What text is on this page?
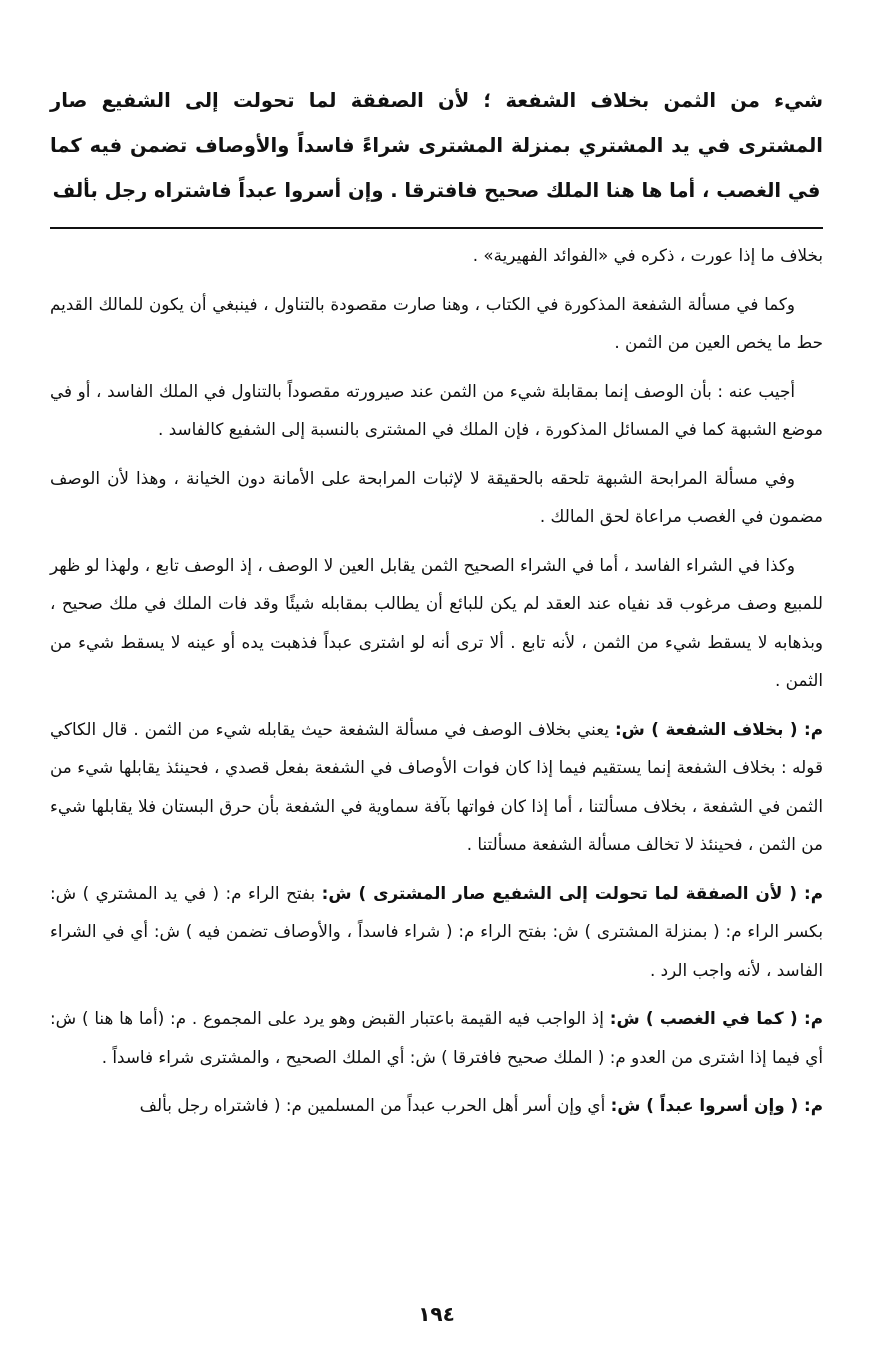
شيء من الثمن بخلاف الشفعة ؛ لأن الصفقة لما تحولت إلى الشفيع صار المشترى في يد المشتري بمنزلة المشترى شراءً فاسداً والأوصاف تضمن فيه كما في الغصب ، أما ها هنا الملك صحيح فافترقا . وإن أسروا عبداً فاشتراه رجل بألف

بخلاف ما إذا عورت ، ذكره في «الفوائد الفهيرية» .

وكما في مسألة الشفعة المذكورة في الكتاب ، وهنا صارت مقصودة بالتناول ، فينبغي أن يكون للمالك القديم حط ما يخص العين من الثمن .

أجيب عنه : بأن الوصف إنما بمقابلة شيء من الثمن عند صيرورته مقصوداً بالتناول في الملك الفاسد ، أو في موضع الشبهة كما في المسائل المذكورة ، فإن الملك في المشترى بالنسبة إلى الشفيع كالفاسد .

وفي مسألة المرابحة الشبهة تلحقه بالحقيقة لا لإثبات المرابحة على الأمانة دون الخيانة ، وهذا لأن الوصف مضمون في الغصب مراعاة لحق المالك .

وكذا في الشراء الفاسد ، أما في الشراء الصحيح الثمن يقابل العين لا الوصف ، إذ الوصف تابع ، ولهذا لو ظهر للمبيع وصف مرغوب قد نفياه عند العقد لم يكن للبائع أن يطالب بمقابله شيئًا وقد فات الملك في ملك صحيح ، وبذهابه لا يسقط شيء من الثمن ، لأنه تابع . ألا ترى أنه لو اشترى عبداً فذهبت يده أو عينه لا يسقط شيء من الثمن .

م: ( بخلاف الشفعة ) ش: يعني بخلاف الوصف في مسألة الشفعة حيث يقابله شيء من الثمن . قال الكاكي قوله : بخلاف الشفعة إنما يستقيم فيما إذا كان فوات الأوصاف في الشفعة بفعل قصدي ، فحينئذ يقابلها شيء من الثمن في الشفعة ، بخلاف مسألتنا ، أما إذا كان فواتها بآفة سماوية في الشفعة بأن حرق البستان فلا يقابلها شيء من الثمن ، فحينئذ لا تخالف مسألة الشفعة مسألتنا .

م: ( لأن الصفقة لما تحولت إلى الشفيع صار المشترى ) ش: بفتح الراء م: ( في يد المشتري ) ش: بكسر الراء م: ( بمنزلة المشترى ) ش: بفتح الراء م: ( شراء فاسداً ، والأوصاف تضمن فيه ) ش: أي في الشراء الفاسد ، لأنه واجب الرد .

م: ( كما في الغصب ) ش: إذ الواجب فيه القيمة باعتبار القبض وهو يرد على المجموع . م: (أما ها هنا ) ش: أي فيما إذا اشترى من العدو م: ( الملك صحيح فافترقا ) ش: أي الملك الصحيح ، والمشترى شراء فاسداً .

م: ( وإن أسروا عبداً ) ش: أي وإن أسر أهل الحرب عبداً من المسلمين م: ( فاشتراه رجل بألف

١٩٤
